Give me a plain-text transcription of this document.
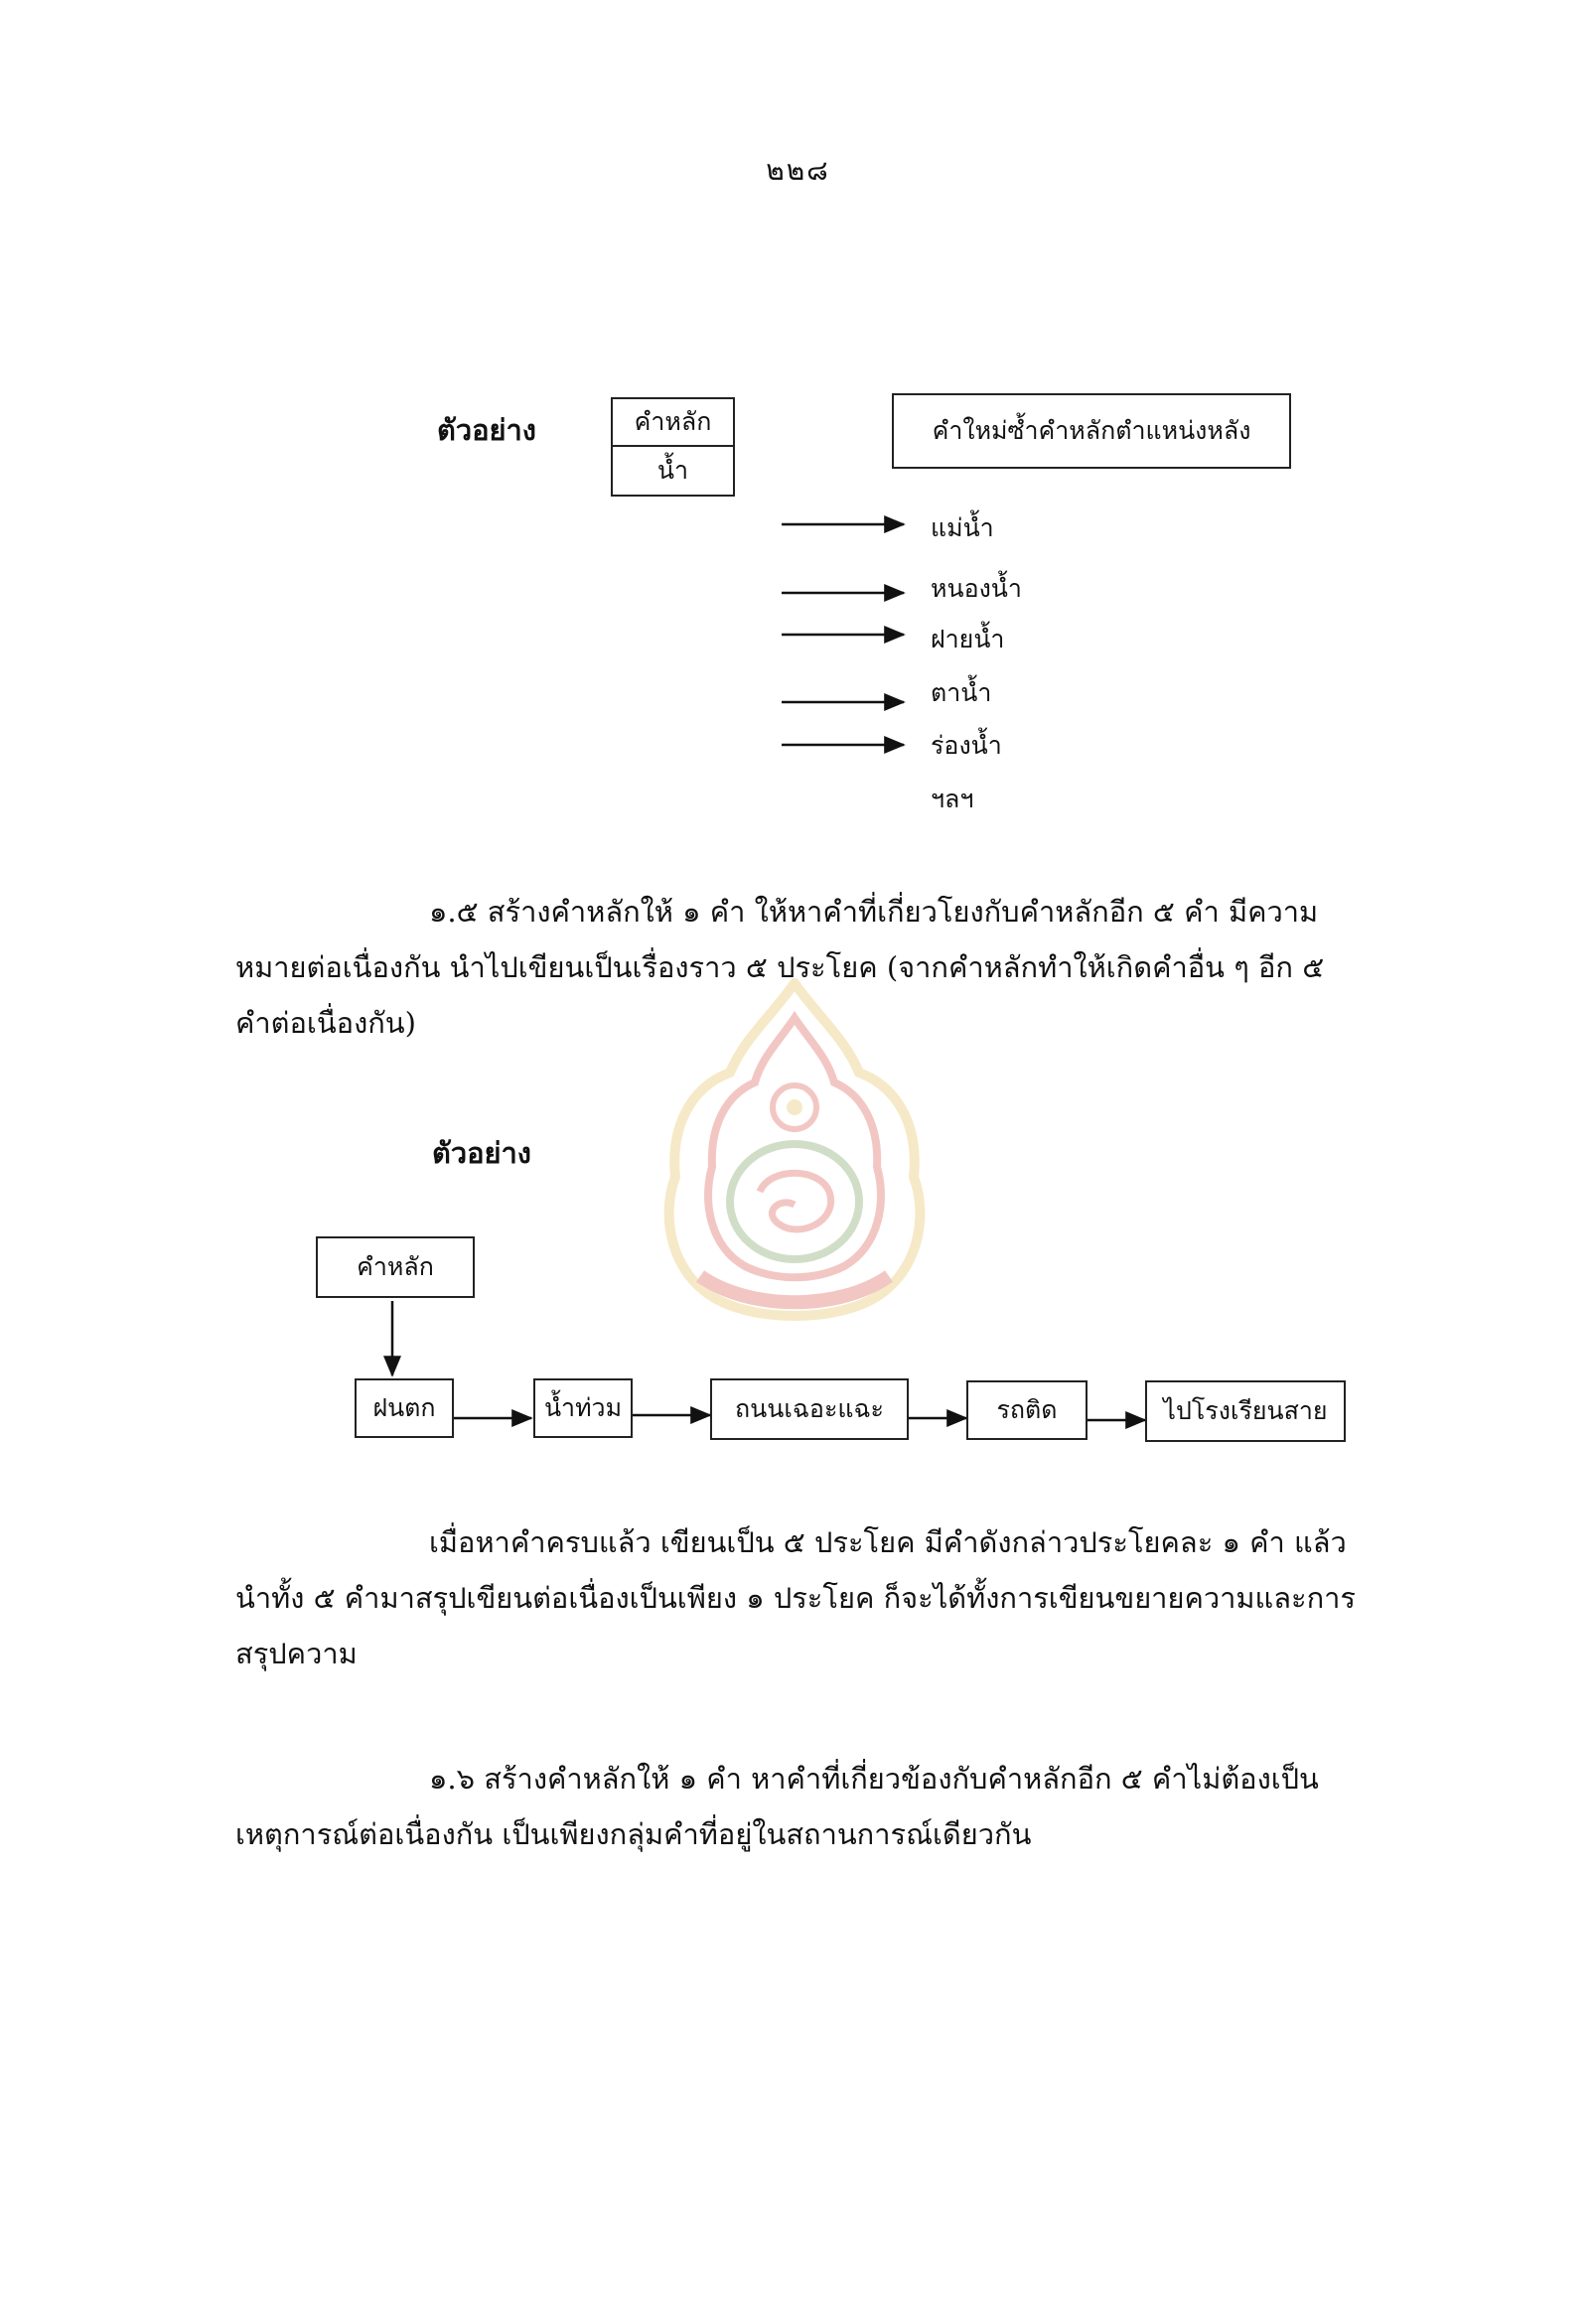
๒๒๘
ตัวอย่าง	คำหลัก
น้ำ
คำใหม่ซ้ำคำหลักตำแหน่งหลัง
แม่น้ำ
หนองน้ำ
ฝายน้ำ
ตาน้ำ
ร่องน้ำ
ฯลฯ

๑.๕ สร้างคำหลักให้ ๑ คำ ให้หาคำที่เกี่ยวโยงกับคำหลักอีก ๕ คำ มีความหมายต่อเนื่องกัน นำไปเขียนเป็นเรื่องราว ๕ ประโยค (จากคำหลักทำให้เกิดคำอื่น ๆ อีก ๕ คำต่อเนื่องกัน)

ตัวอย่าง
คำหลัก
ฝนตก	น้ำท่วม	ถนนเฉอะแฉะ	รถติด	ไปโรงเรียนสาย

เมื่อหาคำครบแล้ว เขียนเป็น ๕ ประโยค มีคำดังกล่าวประโยคละ ๑ คำ แล้วนำทั้ง ๕ คำมาสรุปเขียนต่อเนื่องเป็นเพียง ๑ ประโยค ก็จะได้ทั้งการเขียนขยายความและการสรุปความ

๑.๖ สร้างคำหลักให้ ๑ คำ หาคำที่เกี่ยวข้องกับคำหลักอีก ๕ คำไม่ต้องเป็นเหตุการณ์ต่อเนื่องกัน เป็นเพียงกลุ่มคำที่อยู่ในสถานการณ์เดียวกัน
